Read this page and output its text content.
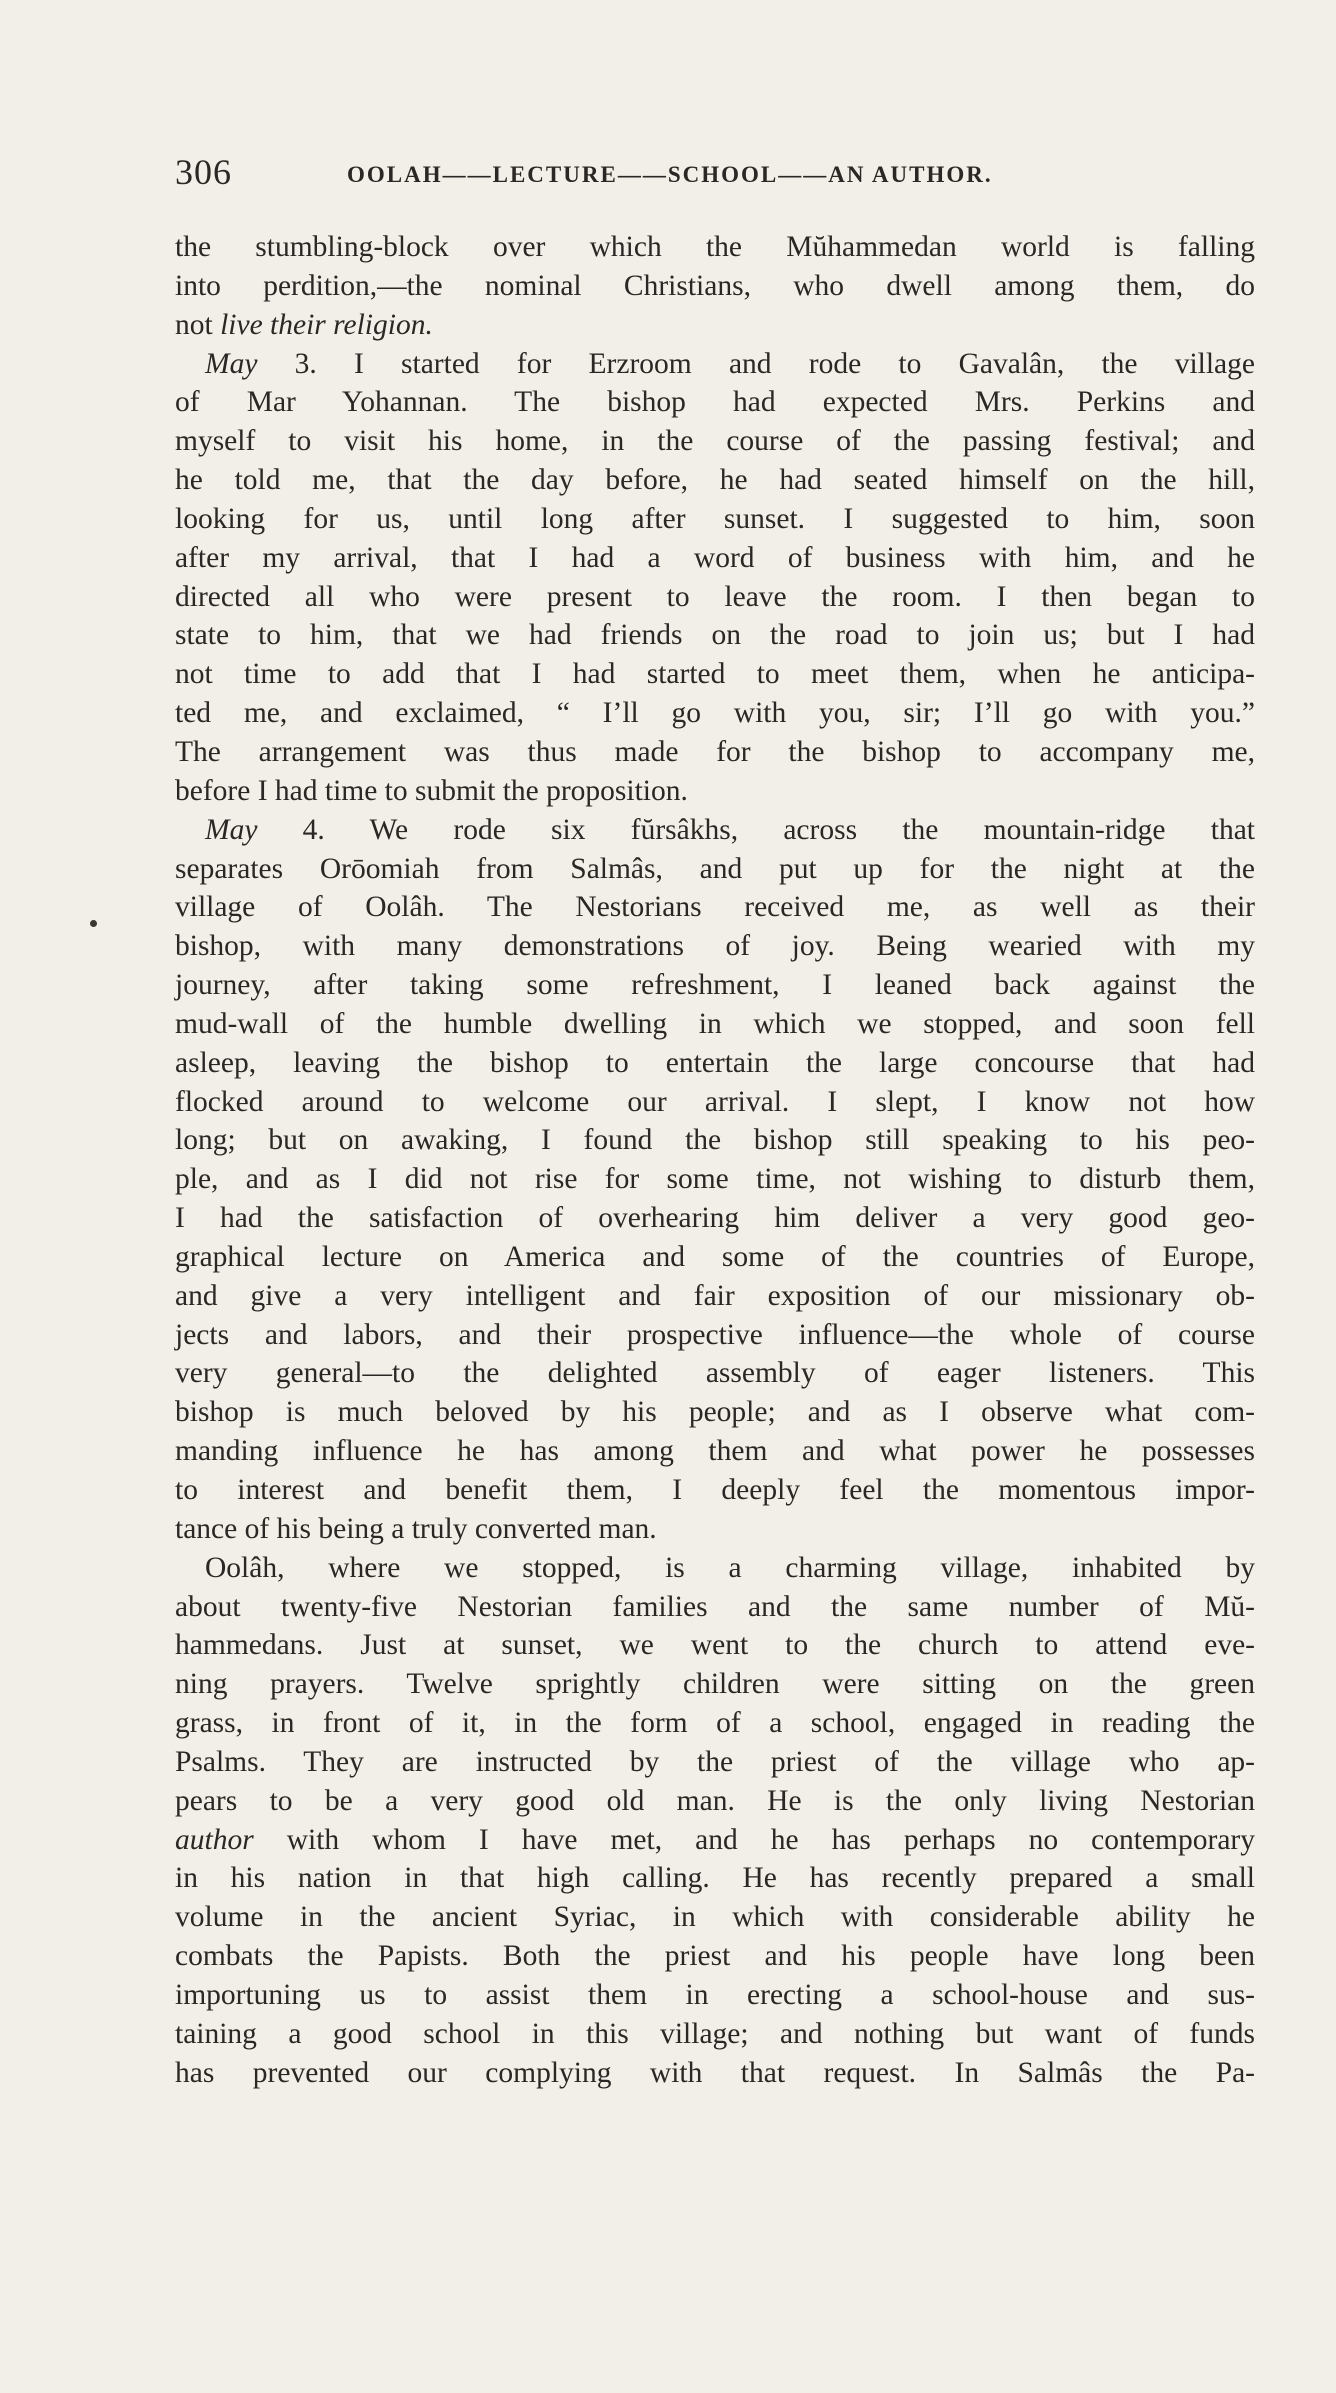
306	OOLAH——LECTURE——SCHOOL——AN AUTHOR.
the stumbling-block over which the Mŭhammedan world is falling
into perdition,—the nominal Christians, who dwell among them, do
not live their religion.
May 3. I started for Erzroom and rode to Gavalân, the village
of Mar Yohannan. The bishop had expected Mrs. Perkins and
myself to visit his home, in the course of the passing festival; and
he told me, that the day before, he had seated himself on the hill,
looking for us, until long after sunset. I suggested to him, soon
after my arrival, that I had a word of business with him, and he
directed all who were present to leave the room. I then began to
state to him, that we had friends on the road to join us; but I had
not time to add that I had started to meet them, when he anticipa-
ted me, and exclaimed, “ I’ll go with you, sir; I’ll go with you.”
The arrangement was thus made for the bishop to accompany me,
before I had time to submit the proposition.
May 4. We rode six fŭrsâkhs, across the mountain-ridge that
separates Orōomiah from Salmâs, and put up for the night at the
village of Oolâh. The Nestorians received me, as well as their
bishop, with many demonstrations of joy. Being wearied with my
journey, after taking some refreshment, I leaned back against the
mud-wall of the humble dwelling in which we stopped, and soon fell
asleep, leaving the bishop to entertain the large concourse that had
flocked around to welcome our arrival. I slept, I know not how
long; but on awaking, I found the bishop still speaking to his peo-
ple, and as I did not rise for some time, not wishing to disturb them,
I had the satisfaction of overhearing him deliver a very good geo-
graphical lecture on America and some of the countries of Europe,
and give a very intelligent and fair exposition of our missionary ob-
jects and labors, and their prospective influence—the whole of course
very general—to the delighted assembly of eager listeners. This
bishop is much beloved by his people; and as I observe what com-
manding influence he has among them and what power he possesses
to interest and benefit them, I deeply feel the momentous impor-
tance of his being a truly converted man.
Oolâh, where we stopped, is a charming village, inhabited by
about twenty-five Nestorian families and the same number of Mŭ-
hammedans. Just at sunset, we went to the church to attend eve-
ning prayers. Twelve sprightly children were sitting on the green
grass, in front of it, in the form of a school, engaged in reading the
Psalms. They are instructed by the priest of the village who ap-
pears to be a very good old man. He is the only living Nestorian
author with whom I have met, and he has perhaps no contemporary
in his nation in that high calling. He has recently prepared a small
volume in the ancient Syriac, in which with considerable ability he
combats the Papists. Both the priest and his people have long been
importuning us to assist them in erecting a school-house and sus-
taining a good school in this village; and nothing but want of funds
has prevented our complying with that request. In Salmâs the Pa-
